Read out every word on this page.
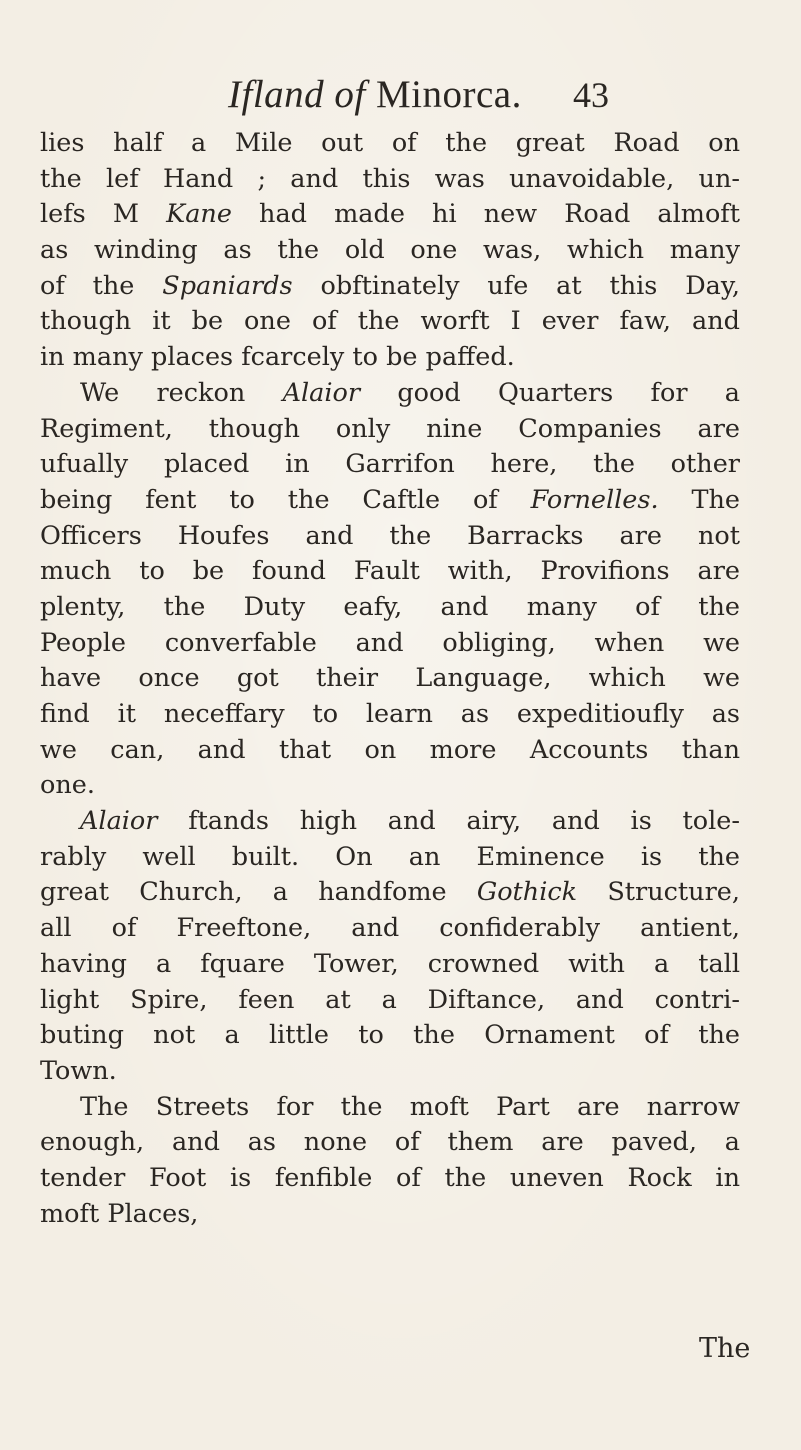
Ifland of Minorca. 43
lies half a Mile out of the great Road on
the lef Hand ; and this was unavoidable, un-
lefs M Kane had made hi new Road almoft
as winding as the old one was, which many
of the Spaniards obftinately ufe at this Day,
though it be one of the worft I ever faw, and
in many places fcarcely to be paffed.
We reckon Alaior good Quarters for a
Regiment, though only nine Companies are
ufually placed in Garrifon here, the other
being fent to the Caftle of Fornelles. The
Officers Houfes and the Barracks are not
much to be found Fault with, Provifions are
plenty, the Duty eafy, and many of the
People converfable and obliging, when we
have once got their Language, which we
find it neceffary to learn as expeditioufly as
we can, and that on more Accounts than
one.
Alaior ftands high and airy, and is tole-
rably well built. On an Eminence is the
great Church, a handfome Gothick Structure,
all of Freeftone, and confiderably antient,
having a fquare Tower, crowned with a tall
light Spire, feen at a Diftance, and contri-
buting not a little to the Ornament of the
Town.
The Streets for the moft Part are narrow
enough, and as none of them are paved, a
tender Foot is fenfible of the uneven Rock in
moft Places,
The
